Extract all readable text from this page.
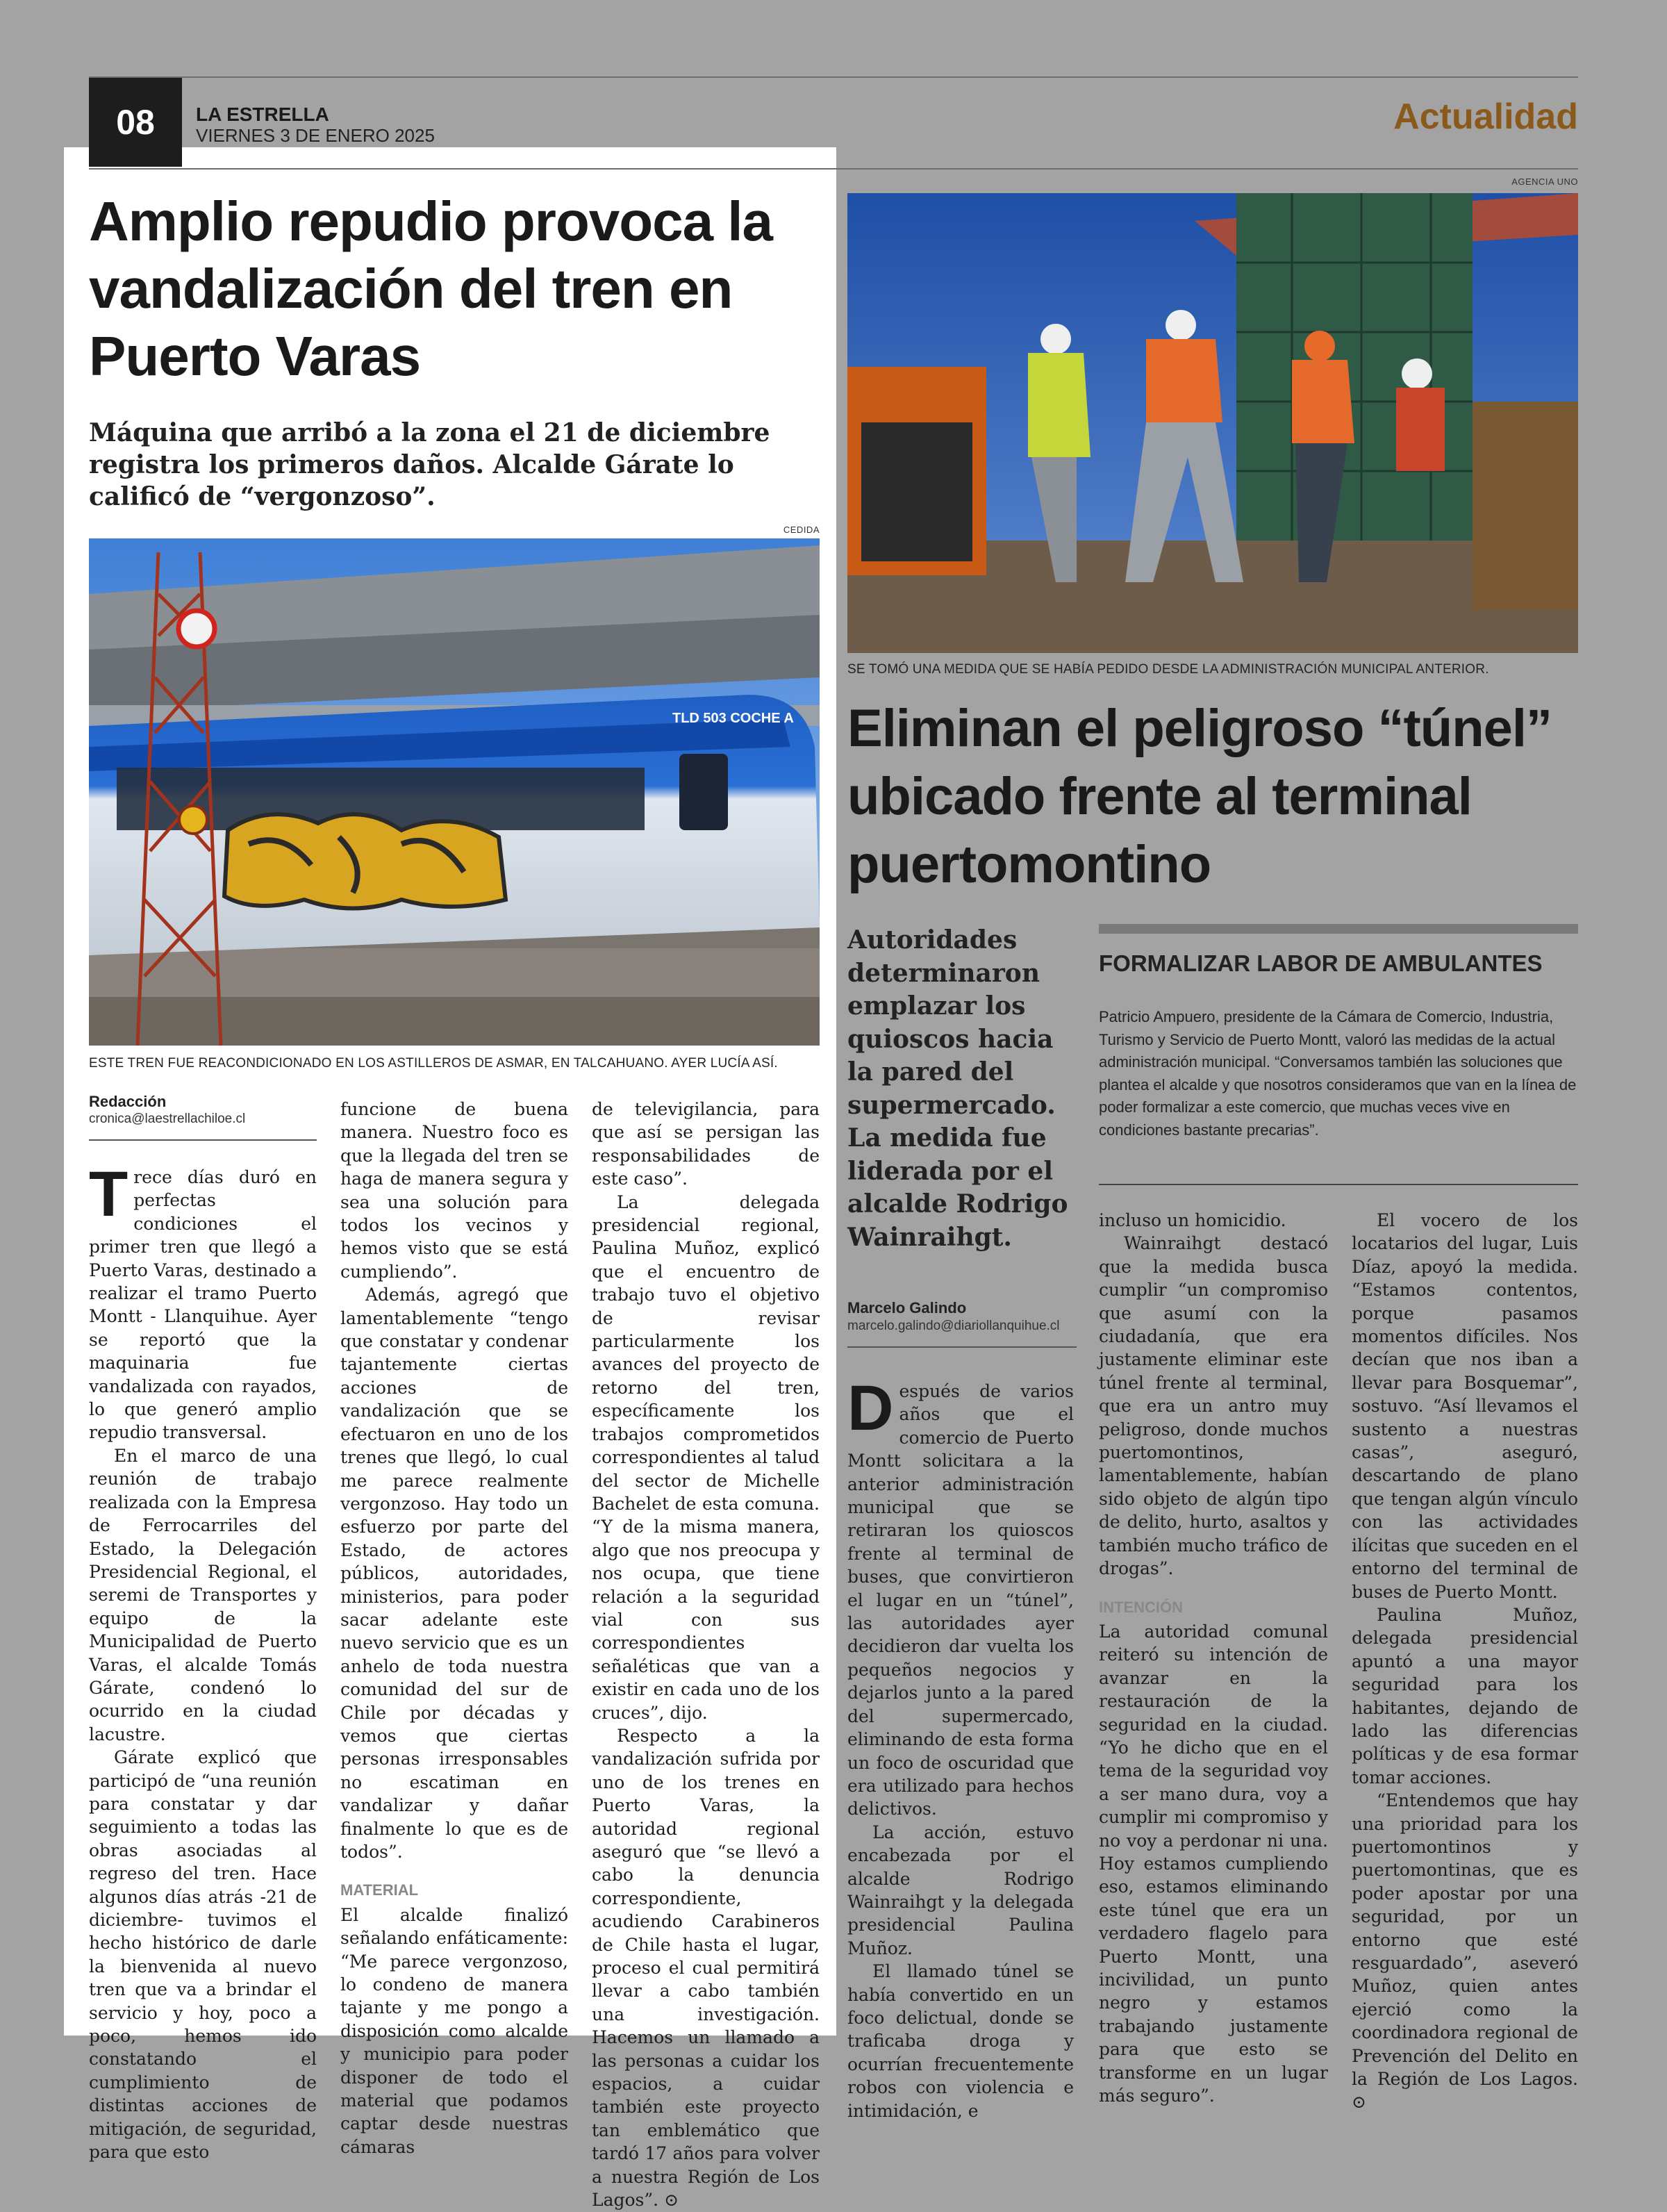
08	LA ESTRELLA
VIERNES 3 DE ENERO 2025	Actualidad
Amplio repudio provoca la vandalización del tren en Puerto Varas
Máquina que arribó a la zona el 21 de diciembre registra los primeros daños. Alcalde Gárate lo calificó de “vergonzoso”.
CEDIDA
TLD 503 COCHE A
ESTE TREN FUE REACONDICIONADO EN LOS ASTILLEROS DE ASMAR, EN TALCAHUANO. AYER LUCÍA ASÍ.
Redacción
cronica@laestrellachiloe.cl
T rece días duró en perfectas condiciones el primer tren que llegó a Puerto Varas, destinado a realizar el tramo Puerto Montt - Llanquihue. Ayer se reportó que la maquinaria fue vandalizada con rayados, lo que generó amplio repudio transversal.

En el marco de una reunión de trabajo realizada con la Empresa de Ferrocarriles del Estado, la Delegación Presidencial Regional, el seremi de Transportes y equipo de la Municipalidad de Puerto Varas, el alcalde Tomás Gárate, condenó lo ocurrido en la ciudad lacustre.

Gárate explicó que participó de “una reunión para constatar y dar seguimiento a todas las obras asociadas al regreso del tren. Hace algunos días atrás -21 de diciembre- tuvimos el hecho histórico de darle la bienvenida al nuevo tren que va a brindar el servicio y hoy, poco a poco, hemos ido constatando el cumplimiento de distintas acciones de mitigación, de seguridad, para que esto

funcione de buena manera. Nuestro foco es que la llegada del tren se haga de manera segura y sea una solución para todos los vecinos y hemos visto que se está cumpliendo”.

Además, agregó que lamentablemente “tengo que constatar y condenar tajantemente ciertas acciones de vandalización que se efectuaron en uno de los trenes que llegó, lo cual me parece realmente vergonzoso. Hay todo un esfuerzo por parte del Estado, de actores públicos, autoridades, ministerios, para poder sacar adelante este nuevo servicio que es un anhelo de toda nuestra comunidad del sur de Chile por décadas y vemos que ciertas personas irresponsables no escatiman en vandalizar y dañar finalmente lo que es de todos”.

MATERIAL

El alcalde finalizó señalando enfáticamente: “Me parece vergonzoso, lo condeno de manera tajante y me pongo a disposición como alcalde y municipio para poder disponer de todo el material que podamos captar desde nuestras cámaras

de televigilancia, para que así se persigan las responsabilidades de este caso”.

La delegada presidencial regional, Paulina Muñoz, explicó que el encuentro de trabajo tuvo el objetivo de revisar particularmente los avances del proyecto de retorno del tren, específicamente los trabajos comprometidos correspondientes al talud del sector de Michelle Bachelet de esta comuna. “Y de la misma manera, algo que nos preocupa y nos ocupa, que tiene relación a la seguridad vial con sus correspondientes señaléticas que van a existir en cada uno de los cruces”, dijo.

Respecto a la vandalización sufrida por uno de los trenes en Puerto Varas, la autoridad regional aseguró que “se llevó a cabo la denuncia correspondiente, acudiendo Carabineros de Chile hasta el lugar, proceso el cual permitirá llevar a cabo también una investigación. Hacemos un llamado a las personas a cuidar los espacios, a cuidar también este proyecto tan emblemático que tardó 17 años para volver a nuestra Región de Los Lagos”. ⊙

AGENCIA UNO
SE TOMÓ UNA MEDIDA QUE SE HABÍA PEDIDO DESDE LA ADMINISTRACIÓN MUNICIPAL ANTERIOR.
Eliminan el peligroso “túnel” ubicado frente al terminal puertomontino
Autoridades determinaron emplazar los quioscos hacia la pared del supermercado. La medida fue liderada por el alcalde Rodrigo Wainraihgt.
FORMALIZAR LABOR DE AMBULANTES
Patricio Ampuero, presidente de la Cámara de Comercio, Industria, Turismo y Servicio de Puerto Montt, valoró las medidas de la actual administración municipal. “Conversamos también las soluciones que plantea el alcalde y que nosotros consideramos que van en la línea de poder formalizar a este comercio, que muchas veces vive en condiciones bastante precarias”.
Marcelo Galindo
marcelo.galindo@diariollanquihue.cl
D espués de varios años que el comercio de Puerto Montt solicitara a la anterior administración municipal que se retiraran los quioscos frente al terminal de buses, que convirtieron el lugar en un “túnel”, las autoridades ayer decidieron dar vuelta los pequeños negocios y dejarlos junto a la pared del supermercado, eliminando de esta forma un foco de oscuridad que era utilizado para hechos delictivos.

La acción, estuvo encabezada por el alcalde Rodrigo Wainraihgt y la delegada presidencial Paulina Muñoz.

El llamado túnel se había convertido en un foco delictual, donde se traficaba droga y ocurrían frecuentemente robos con violencia e intimidación, e

incluso un homicidio.

Wainraihgt destacó que la medida busca cumplir “un compromiso que asumí con la ciudadanía, que era justamente eliminar este túnel frente al terminal, que era un antro muy peligroso, donde muchos puertomontinos, lamentablemente, habían sido objeto de algún tipo de delito, hurto, asaltos y también mucho tráfico de drogas”.

INTENCIÓN

La autoridad comunal reiteró su intención de avanzar en la restauración de la seguridad en la ciudad. “Yo he dicho que en el tema de la seguridad voy a ser mano dura, voy a cumplir mi compromiso y no voy a perdonar ni una. Hoy estamos cumpliendo eso, estamos eliminando este túnel que era un verdadero flagelo para Puerto Montt, una incivilidad, un punto negro y estamos trabajando justamente para que esto se transforme en un lugar más seguro”.

El vocero de los locatarios del lugar, Luis Díaz, apoyó la medida. “Estamos contentos, porque pasamos momentos difíciles. Nos decían que nos iban a llevar para Bosquemar”, sostuvo. “Así llevamos el sustento a nuestras casas”, aseguró, descartando de plano que tengan algún vínculo con las actividades ilícitas que suceden en el entorno del terminal de buses de Puerto Montt.

Paulina Muñoz, delegada presidencial apuntó a una mayor seguridad para los habitantes, dejando de lado las diferencias políticas y de esa formar tomar acciones.

“Entendemos que hay una prioridad para los puertomontinos y puertomontinas, que es poder apostar por una seguridad, por un entorno que esté resguardado”, aseveró Muñoz, quien antes ejerció como la coordinadora regional de Prevención del Delito en la Región de Los Lagos. ⊙
